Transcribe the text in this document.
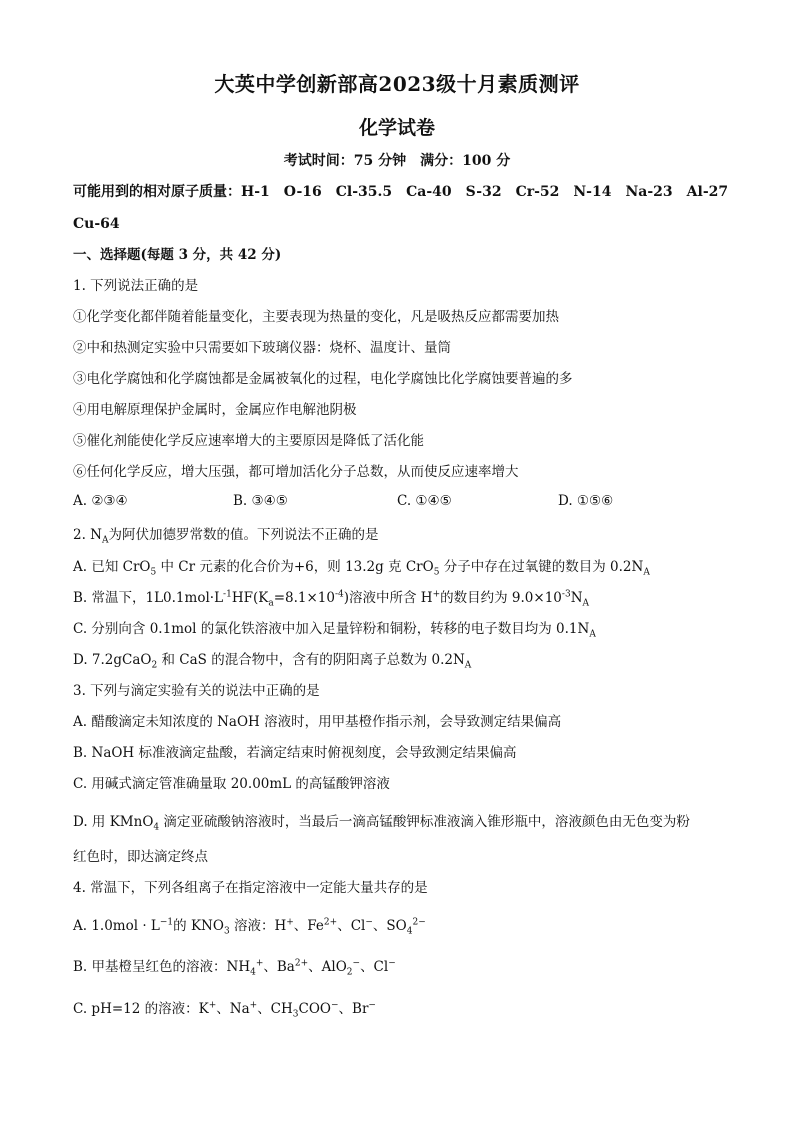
大英中学创新部高2023级十月素质测评
化学试卷
考试时间：75 分钟　满分：100 分
可能用到的相对原子质量：H-1　O-16　Cl-35.5　Ca-40　S-32　Cr-52　N-14　Na-23　Al-27
Cu-64
一、选择题(每题 3 分，共 42 分)
1. 下列说法正确的是
①化学变化都伴随着能量变化，主要表现为热量的变化，凡是吸热反应都需要加热
②中和热测定实验中只需要如下玻璃仪器：烧杯、温度计、量筒
③电化学腐蚀和化学腐蚀都是金属被氧化的过程，电化学腐蚀比化学腐蚀要普遍的多
④用电解原理保护金属时，金属应作电解池阴极
⑤催化剂能使化学反应速率增大的主要原因是降低了活化能
⑥任何化学反应，增大压强，都可增加活化分子总数，从而使反应速率增大
A. ②③④	B. ③④⑤	C. ①④⑤	D. ①⑤⑥
2. $N_A$为阿伏加德罗常数的值。下列说法不正确的是
A. 已知 CrO$_5$ 中 Cr 元素的化合价为+6，则 13.2g 克 CrO$_5$ 分子中存在过氧键的数目为 $0.2N_A$
B. 常温下，$1L0.1mol\cdot L^{-1}HF(K_a=8.1\times 10^{-4})$溶液中所含 H+的数目约为 $9.0\times 10^{-3}N_A$
C. 分别向含 0.1mol 的氯化铁溶液中加入足量锌粉和铜粉，转移的电子数目均为 $0.1N_A$
D. 7.2gCaO$_2$ 和 CaS 的混合物中，含有的阴阳离子总数为 $0.2N_A$
3. 下列与滴定实验有关的说法中正确的是
A. 醋酸滴定未知浓度的 NaOH 溶液时，用甲基橙作指示剂，会导致测定结果偏高
B. NaOH 标准液滴定盐酸，若滴定结束时俯视刻度，会导致测定结果偏高
C. 用碱式滴定管准确量取 20.00mL 的高锰酸钾溶液
D. 用 KMnO$_4$ 滴定亚硫酸钠溶液时，当最后一滴高锰酸钾标准液滴入锥形瓶中，溶液颜色由无色变为粉
红色时，即达滴定终点
4. 常温下，下列各组离子在指定溶液中一定能大量共存的是
A. $1.0mol \cdot L^{-1}$的 $KNO_3$ 溶液：H+、$Fe^{2+}$、Cl−、$SO_4^{2-}$
B. 甲基橙呈红色的溶液：$NH_4^+$、$Ba^{2+}$、AlO$_2$−、Cl−
C. pH=12 的溶液：K+、Na+、$CH_3COO^-$、Br−
